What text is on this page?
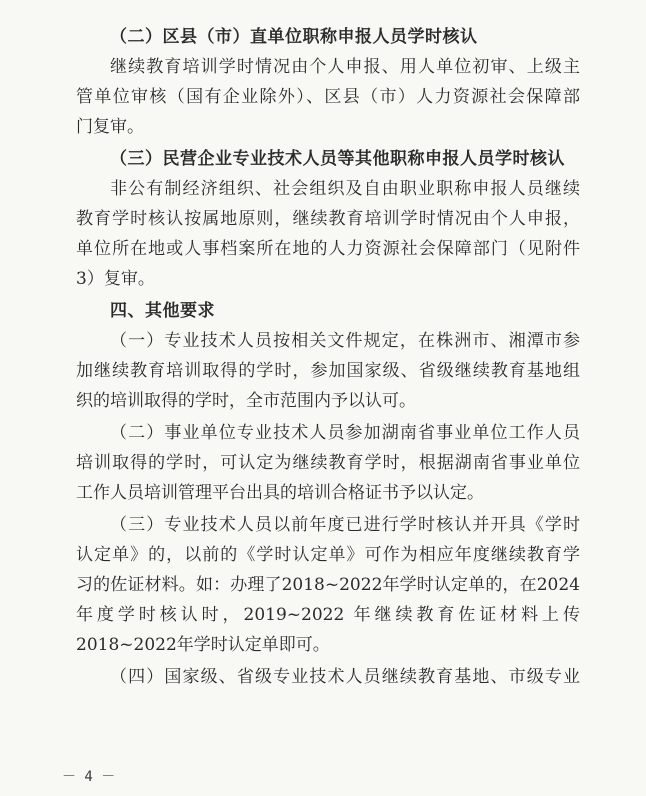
（二）区县（市）直单位职称申报人员学时核认
继续教育培训学时情况由个人申报、用人单位初审、上级主
管单位审核（国有企业除外）、区县（市）人力资源社会保障部
门复审。
（三）民营企业专业技术人员等其他职称申报人员学时核认
非公有制经济组织、社会组织及自由职业职称申报人员继续
教育学时核认按属地原则，继续教育培训学时情况由个人申报，
单位所在地或人事档案所在地的人力资源社会保障部门（见附件
3）复审。
四、其他要求
（一）专业技术人员按相关文件规定，在株洲市、湘潭市参
加继续教育培训取得的学时，参加国家级、省级继续教育基地组
织的培训取得的学时，全市范围内予以认可。
（二）事业单位专业技术人员参加湖南省事业单位工作人员
培训取得的学时，可认定为继续教育学时，根据湖南省事业单位
工作人员培训管理平台出具的培训合格证书予以认定。
（三）专业技术人员以前年度已进行学时核认并开具《学时
认定单》的，以前的《学时认定单》可作为相应年度继续教育学
习的佐证材料。如：办理了2018~2022年学时认定单的，在2024
年度学时核认时，2019~2022 年继续教育佐证材料上传
2018~2022年学时认定单即可。
（四）国家级、省级专业技术人员继续教育基地、市级专业
－ 4 －
